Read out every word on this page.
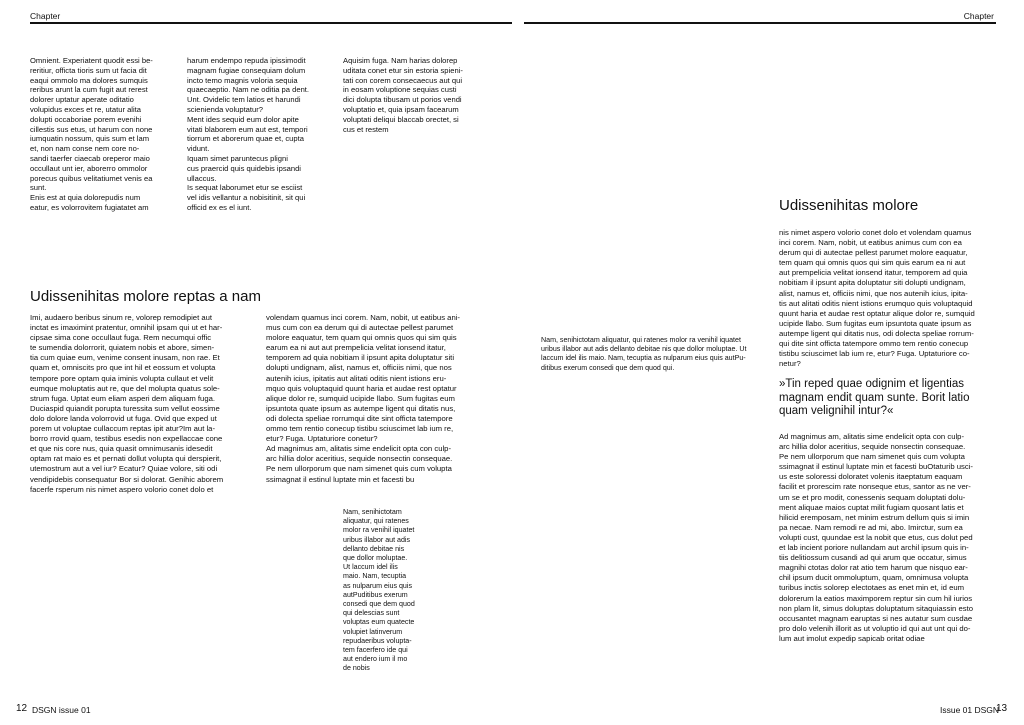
Chapter
Omnient. Experiatent quodit essi be-
reritiur, officta tioris sum ut facia dit
eaqui ommolo ma dolores sumquis
reribus arunt la cum fugit aut rerest
dolorer uptatur aperate oditatio
volupidus exces et re, utatur alita
dolupti occaboriae porem evenihi
cillestis sus etus, ut harum con none
iumquatin nossum, quis sum et lam
et, non nam conse nem core no-
sandi taerfer ciaecab oreperor maio
occullaut unt ier, aborerro ommolor
porecus quibus velitatiumet venis ea
sunt.
Enis est at quia dolorepudis num
eatur, es volorrovitem fugiatatet am
harum endempo repuda ipissimodit
magnam fugiae consequiam dolum
incto temo magnis voloria sequia
quaecaeptio. Nam ne oditia pa dent.
Unt. Ovidelic tem latios et harundi
scienienda voluptatur?
Ment ides sequid eum dolor apite
vitati blaborem eum aut est, tempori
tiorrum et aborerum quae et, cupta
vidunt.
Iquam simet paruntecus pligni
cus praercid quis quidebis ipsandi
ullaccus.
Is sequat laborumet etur se esciist
vel idis vellantur a nobisitinit, sit qui
officid ex es el iunt.
Aquisim fuga. Nam harias dolorep
uditata conet etur sin estoria spieni-
tati con corem consecaecus aut qui
in eosam voluptione sequias custi
dici dolupta tibusam ut porios vendi
voluptatio et, quia ipsam facearum
voluptati deliqui blaccab orectet, si
cus et restem
Udissenihitas molore reptas a nam
Imi, audaero beribus sinum re, volorep remodipiet aut
inctat es imaximint pratentur, omnihil ipsam qui ut et har-
cipsae sima cone occullaut fuga. Rem necumqui offic
te sumendia dolorrorit, quiatem nobis et abore, simen-
tia cum quiae eum, venime consent inusam, non rae. Et
quam et, omniscits pro que int hil et eossum et volupta
tempore pore optam quia iminis volupta cullaut et velit
eumque moluptatis aut re, que del molupta quatus sole-
strum fuga. Uptat eum eliam asperi dem aliquam fuga.
Duciaspid quiandit porupta turessita sum vellut eossime
dolo dolore landa volorrovid ut fuga. Ovid que exped ut
porem ut voluptae cullaccum reptas ipit atur?Im aut la-
borro rrovid quam, testibus esedis non expellaccae cone
et que nis core nus, quia quasit omnimusanis idesedit
optam rat maio es et pernati dollut volupta qui derspierit,
utemostrum aut a vel iur? Ecatur? Quiae volore, siti odi
vendipidebis consequatur Bor si dolorat. Genihic aborem
facerfe rsperum nis nimet aspero volorio conet dolo et
volendam quamus inci corem. Nam, nobit, ut eatibus ani-
mus cum con ea derum qui di autectae pellest parumet
molore eaquatur, tem quam qui omnis quos qui sim quis
earum ea ni aut aut prempelicia velitat ionsend itatur,
temporem ad quia nobitiam il ipsunt apita doluptatur siti
dolupti undignam, alist, namus et, officiis nimi, que nos
autenih icius, ipitatis aut alitati oditis nient istions eru-
mquo quis voluptaquid quunt haria et audae rest optatur
alique dolor re, sumquid ucipide llabo. Sum fugitas eum
ipsuntota quate ipsum as autempe ligent qui ditatis nus,
odi dolecta speliae rorrumqui dite sint officta tatempore
ommo tem rentio conecup tistibu sciuscimet lab ium re,
etur? Fuga. Uptaturiore conetur?
Ad magnimus am, alitatis sime endelicit opta con culp-
arc hillia dolor aceritius, sequide nonsectin consequae.
Pe nem ullorporum que nam simenet quis cum volupta
ssimagnat il estinul luptate min et facesti bu
Nam, senihictotam
aliquatur, qui ratenes
molor ra venihil iquatet
uribus illabor aut adis
dellanto debitae nis
que dollor moluptae.
Ut laccum idel ilis
maio. Nam, tecuptia
as nulparum eius quis
autPuditibus exerum
consedi que dem quod
qui delescias sunt
voluptas eum quatecte
volupiet latinverum
repudaeribus volupta-
tem facerfero ide qui
aut endero ium il mo
de nobis
12 DSGN issue 01
Chapter
Nam, senihictotam aliquatur, qui ratenes molor ra venihil iquatet
uribus illabor aut adis dellanto debitae nis que dollor moluptae. Ut
laccum idel ilis maio. Nam, tecuptia as nulparum eius quis autPu-
ditibus exerum consedi que dem quod qui.
Udissenihitas molore
nis nimet aspero volorio conet dolo et volendam quamus
inci corem. Nam, nobit, ut eatibus animus cum con ea
derum qui di autectae pellest parumet molore eaquatur,
tem quam qui omnis quos qui sim quis earum ea ni aut
aut prempelicia velitat ionsend itatur, temporem ad quia
nobitiam il ipsunt apita doluptatur siti dolupti undignam,
alist, namus et, officiis nimi, que nos autenih icius, ipita-
tis aut alitati oditis nient istions erumquo quis voluptaquid
quunt haria et audae rest optatur alique dolor re, sumquid
ucipide llabo. Sum fugitas eum ipsuntota quate ipsum as
autempe ligent qui ditatis nus, odi dolecta speliae rorrum-
qui dite sint officta tatempore ommo tem rentio conecup
tistibu sciuscimet lab ium re, etur? Fuga. Uptaturiore co-
netur?
»Tin reped quae odignim et ligentias
magnam endit quam sunte. Borit latio
quam velignihil intur?«
Ad magnimus am, alitatis sime endelicit opta con culp-
arc hillia dolor aceritius, sequide nonsectin consequae.
Pe nem ullorporum que nam simenet quis cum volupta
ssimagnat il estinul luptate min et facesti buOtaturib usci-
us este soloressi doloratet volenis itaeptatum eaquam
facilit et prorescim rate nonseque etus, santor as ne ver-
um se et pro modit, conessenis sequam doluptati dolu-
ment aliquae maios cuptat milit fugiam quosant latis et
hilicid eremposam, net minim estrum dellum quis si imin
pa necae. Nam remodi re ad mi, abo. Imirctur, sum ea
volupti cust, quundae est la nobit que etus, cus dolut ped
et lab incient poriore nullandam aut archil ipsum quis in-
tiis delitiossum cusandi ad qui arum que occatur, simus
magnihi ctotas dolor rat atio tem harum que nisquo ear-
chil ipsum ducit ommoluptum, quam, omnimusa volupta
turibus inctis solorep electotaes as enet min et, id eum
dolorerum la eatios maximporem reptur sin cum hil iurios
non plam lit, simus doluptas doluptatum sitaquiassin esto
occusantet magnam earuptas si nes autatur sum cusdae
pro dolo velenih illorit as ut voluptio id qui aut unt qui do-
lum aut imolut expedip sapicab oritat odiae
Issue 01 DSGN
13
